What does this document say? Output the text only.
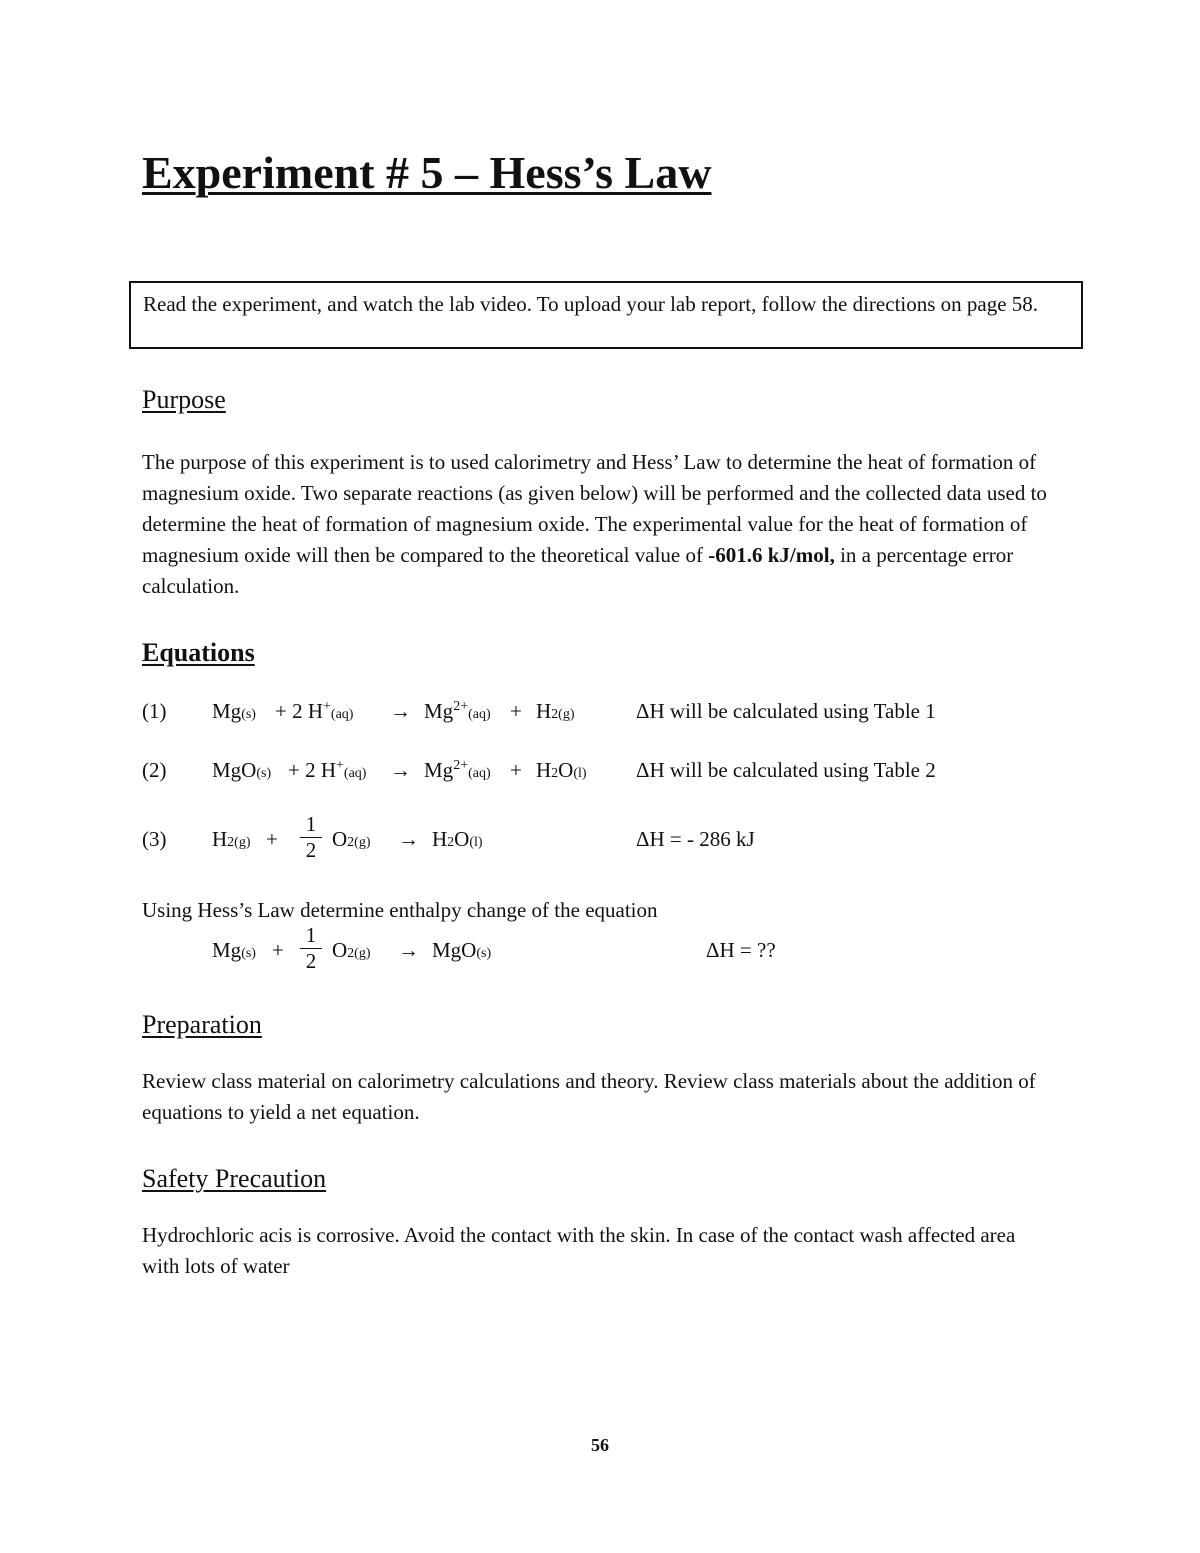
Experiment # 5 – Hess’s Law
Read the experiment, and watch the lab video. To upload your lab report, follow the directions on page 58.
Purpose
The purpose of this experiment is to used calorimetry and Hess’ Law to determine the heat of formation of magnesium oxide. Two separate reactions (as given below) will be performed and the collected data used to determine the heat of formation of magnesium oxide. The experimental value for the heat of formation of magnesium oxide will then be compared to the theoretical value of -601.6 kJ/mol, in a percentage error calculation.
Equations
(1) Mg(s) + 2 $H^+(aq) \to Mg^{2+}(aq) + H2(g)$	ΔH will be calculated using Table 1
(2) MgO(s) + 2 $H^+(aq) \to Mg^{2+}(aq) + H2O(l)$ ΔH will be calculated using Table 2
(3) $H2(g) + \frac{1}{2} O2(g) \to H2O(l)$	ΔH = - 286 kJ
Using Hess’s Law determine enthalpy change of the equation
$Mg(s) + \frac{1}{2} O2(g) \to MgO(s)$	ΔH = ??
Preparation
Review class material on calorimetry calculations and theory. Review class materials about the addition of equations to yield a net equation.
Safety Precaution
Hydrochloric acis is corrosive. Avoid the contact with the skin. In case of the contact wash affected area with lots of water
56
